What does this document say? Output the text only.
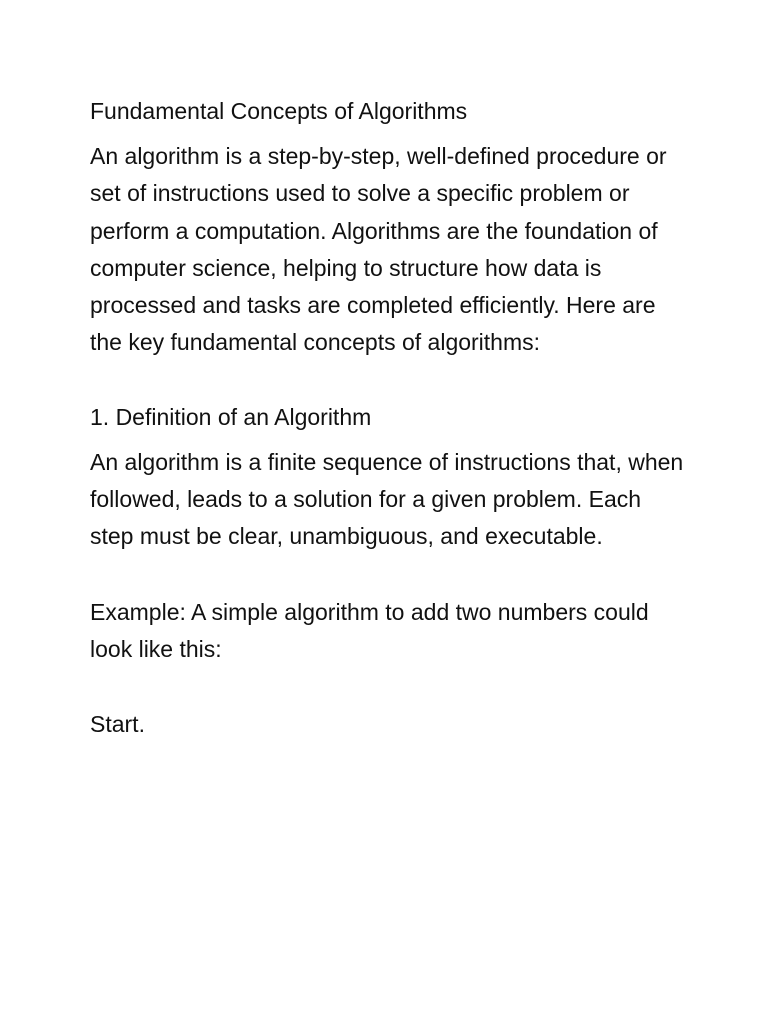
Fundamental Concepts of Algorithms

An algorithm is a step-by-step, well-defined procedure or set of instructions used to solve a specific problem or perform a computation. Algorithms are the foundation of computer science, helping to structure how data is processed and tasks are completed efficiently. Here are the key fundamental concepts of algorithms:

1. Definition of an Algorithm

An algorithm is a finite sequence of instructions that, when followed, leads to a solution for a given problem. Each step must be clear, unambiguous, and executable.

Example: A simple algorithm to add two numbers could look like this:

Start.
